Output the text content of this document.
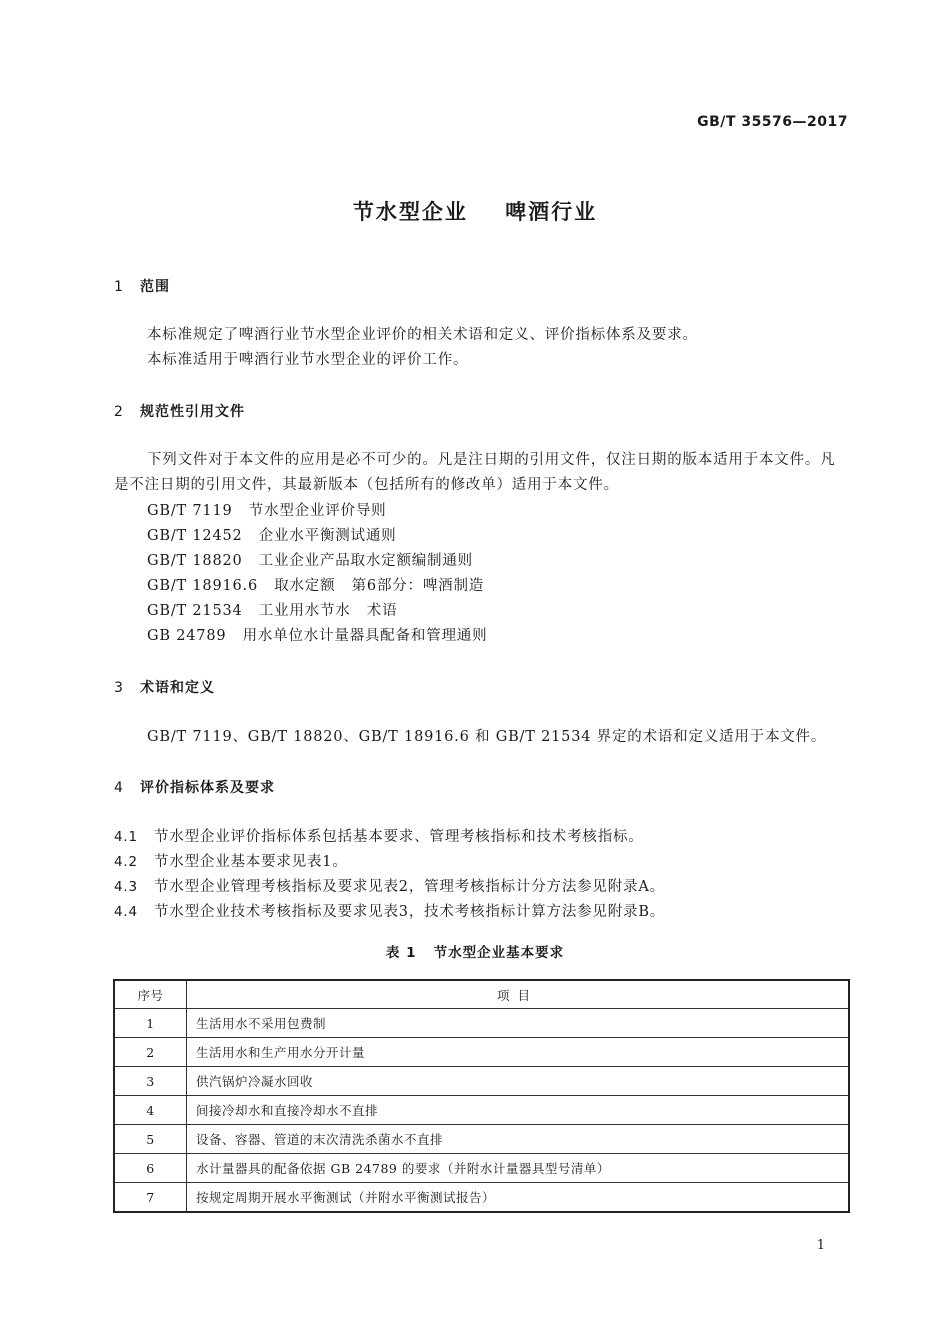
GB/T 35576—2017
节水型企业    啤酒行业
1 范围
本标准规定了啤酒行业节水型企业评价的相关术语和定义、评价指标体系及要求。
本标准适用于啤酒行业节水型企业的评价工作。
2 规范性引用文件
下列文件对于本文件的应用是必不可少的。凡是注日期的引用文件，仅注日期的版本适用于本文件。凡是不注日期的引用文件，其最新版本（包括所有的修改单）适用于本文件。
GB/T 7119   节水型企业评价导则
GB/T 12452   企业水平衡测试通则
GB/T 18820   工业企业产品取水定额编制通则
GB/T 18916.6   取水定额   第6部分：啤酒制造
GB/T 21534   工业用水节水   术语
GB 24789   用水单位水计量器具配备和管理通则
3 术语和定义
GB/T 7119、GB/T 18820、GB/T 18916.6 和 GB/T 21534 界定的术语和定义适用于本文件。
4 评价指标体系及要求
4.1 节水型企业评价指标体系包括基本要求、管理考核指标和技术考核指标。
4.2 节水型企业基本要求见表1。
4.3 节水型企业管理考核指标及要求见表2，管理考核指标计分方法参见附录A。
4.4 节水型企业技术考核指标及要求见表3，技术考核指标计算方法参见附录B。
表 1   节水型企业基本要求
序号	项目
1	生活用水不采用包费制
2	生活用水和生产用水分开计量
3	供汽锅炉冷凝水回收
4	间接冷却水和直接冷却水不直排
5	设备、容器、管道的末次清洗杀菌水不直排
6	水计量器具的配备依据 GB 24789 的要求（并附水计量器具型号清单）
7	按规定周期开展水平衡测试（并附水平衡测试报告）
1
